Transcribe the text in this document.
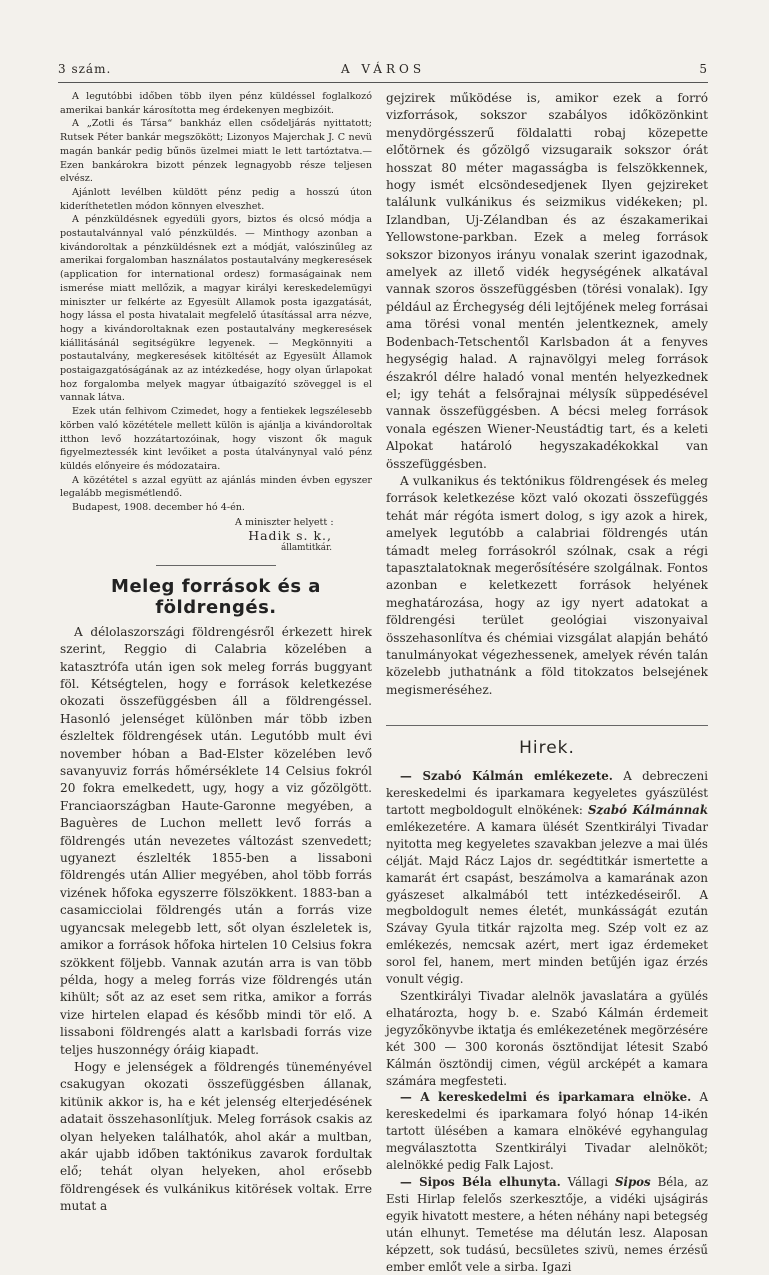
3 szám.	A VÁROS	5

A legutóbbi időben több ilyen pénz küldéssel foglalkozó amerikai bankár károsította meg érdekenyen megbizóit.

A „Zotli és Társa“ bankház ellen csődeljárás nyittatott; Rutsek Péter bankár megszökött; Lizonyos Majerchak J. C nevü magán bankár pedig bűnös üzelmei miatt le lett tartóztatva.— Ezen bankárokra bizott pénzek legnagyobb része teljesen elvész.

Ajánlott levélben küldött pénz pedig a hosszú úton kideríthetetlen módon könnyen elveszhet.

A pénzküldésnek egyedüli gyors, biztos és olcsó módja a postautalvánnyal való pénzküldés. — Minthogy azonban a kivándoroltak a pénzküldésnek ezt a módját, valószinűleg az amerikai forgalomban használatos postautalvány megkeresések (application for international ordesz) formaságainak nem ismerése miatt mellőzik, a magyar királyi kereskedelemügyi miniszter ur felkérte az Egyesült Allamok posta igazgatását, hogy lássa el posta hivatalait megfelelő útasítással arra nézve, hogy a kivándoroltaknak ezen postautalvány megkeresések kiállitásánál segitségükre legyenek. — Megkönnyiti a postautalvány, megkeresések kitöltését az Egyesült Államok postaigazgatóságának az az intézkedése, hogy olyan űrlapokat hoz forgalomba melyek magyar útbaigazító szöveggel is el vannak látva.

Ezek után felhivom Czimedet, hogy a fentiekek legszélesebb körben való közététele mellett külön is ajánlja a kivándoroltak itthon levő hozzátartozóinak, hogy viszont ők maguk figyelmeztessék kint levőiket a posta útalványnyal való pénz küldés előnyeire és módozataira.

A közététel s azzal együtt az ajánlás minden évben egyszer legalább megismétlendő.

Budapest, 1908. december hó 4-én.

A miniszter helyett :
Hadik s. k.,
államtitkár.
Meleg források és a földrengés.

A délolaszországi földrengésről érkezett hirek szerint, Reggio di Calabria közelében a katasztrófa után igen sok meleg forrás buggyant föl. Kétségtelen, hogy e források keletkezése okozati összefüggésben áll a földrengéssel. Hasonló jelenséget különben már több izben észleltek földrengések után. Legutóbb mult évi november hóban a Bad-Elster közelében levő savanyuviz forrás hőmérséklete 14 Celsius fokról 20 fokra emelkedett, ugy, hogy a viz gőzölgött. Franciaországban Haute-Garonne megyében, a Baguères de Luchon mellett levő forrás a földrengés után nevezetes változást szenvedett; ugyanezt észlelték 1855-ben a lissaboni földrengés után Allier megyében, ahol több forrás vizének hőfoka egyszerre fölszökkent. 1883-ban a casamicciolai földrengés után a forrás vize ugyancsak melegebb lett, sőt olyan észleletek is, amikor a források hőfoka hirtelen 10 Celsius fokra szökkent följebb. Vannak azután arra is van több példa, hogy a meleg forrás vize földrengés után kihült; sőt az az eset sem ritka, amikor a forrás vize hirtelen elapad és később mindi tör elő. A lissaboni földrengés alatt a karlsbadi forrás vize teljes huszonnégy óráig kiapadt.

Hogy e jelenségek a földrengés tüneményével csakugyan okozati összefüggésben állanak, kitünik akkor is, ha e két jelenség elterjedésének adatait összehasonlítjuk. Meleg források csakis az olyan helyeken találhatók, ahol akár a multban, akár ujabb időben taktónikus zavarok fordultak elő; tehát olyan helyeken, ahol erősebb földrengések és vulkánikus kitörések voltak. Erre mutat a

gejzirek működése is, amikor ezek a forró vizforrások, sokszor szabályos időközönkint menydörgésszerű földalatti robaj közepette előtörnek és gőzölgő vizsugaraik sokszor órát hosszat 80 méter magasságba is felszökkennek, hogy ismét elcsöndesedjenek Ilyen gejzireket találunk vulkánikus és seizmikus vidékeken; pl. Izlandban, Uj-Zélandban és az északamerikai Yellowstone-parkban. Ezek a meleg források sokszor bizonyos irányu vonalak szerint igazodnak, amelyek az illető vidék hegységének alkatával vannak szoros összefüggésben (törési vonalak). Igy például az Érchegység déli lejtőjének meleg forrásai ama törési vonal mentén jelentkeznek, amely Bodenbach-Tetschentől Karlsbadon át a fenyves hegységig halad. A rajnavölgyi meleg források északról délre haladó vonal mentén helyezkednek el; igy tehát a felsőrajnai mélysík süppedésével vannak összefüggésben. A bécsi meleg források vonala egészen Wiener-Neustádtig tart, és a keleti Alpokat határoló hegyszakadékokkal van összefüggésben.

A vulkanikus és tektónikus földrengések és meleg források keletkezése közt való okozati összefüggés tehát már régóta ismert dolog, s igy azok a hirek, amelyek legutóbb a calabriai földrengés után támadt meleg forrásokról szólnak, csak a régi tapasztalatoknak megerősítésére szolgálnak. Fontos azonban e keletkezett források helyének meghatározása, hogy az igy nyert adatokat a földrengési terület geológiai viszonyaival összehasonlítva és chémiai vizsgálat alapján behátó tanulmányokat végezhessenek, amelyek révén talán közelebb juthatnánk a föld titokzatos belsejének megismeréséhez.

Hirek.

— Szabó Kálmán emlékezete. A debreczeni kereskedelmi és iparkamara kegyeletes gyászülést tartott megboldogult elnökének: Szabó Kálmánnak emlékezetére. A kamara ülését Szentkirályi Tivadar nyitotta meg kegyeletes szavakban jelezve a mai ülés célját. Majd Rácz Lajos dr. segédtitkár ismertette a kamarát ért csapást, beszámolva a kamarának azon gyászeset alkalmából tett intézkedéseiről. A megboldogult nemes életét, munkásságát ezután Szávay Gyula titkár rajzolta meg. Szép volt ez az emlékezés, nemcsak azért, mert igaz érdemeket sorol fel, hanem, mert minden betűjén igaz érzés vonult végig.

Szentkirályi Tivadar alelnök javaslatára a gyülés elhatározta, hogy b. e. Szabó Kálmán érdemeit jegyzőkönyvbe iktatja és emlékezetének megörzésére két 300 — 300 koronás ösztöndijat létesit Szabó Kálmán ösztöndij cimen, végül arcképét a kamara számára megfesteti.

— A kereskedelmi és iparkamara elnöke. A kereskedelmi és iparkamara folyó hónap 14-ikén tartott ülésében a kamara elnökévé egyhangulag megválasztotta Szentkirályi Tivadar alelnököt; alelnökké pedig Falk Lajost.

— Sipos Béla elhunyta. Vállagi Sipos Béla, az Esti Hirlap felelős szerkesztője, a vidéki ujságirás egyik hivatott mestere, a héten néhány napi betegség után elhunyt. Temetése ma délután lesz. Alaposan képzett, sok tudású, becsületes szivü, nemes érzésű ember emlőt vele a sirba. Igazi
